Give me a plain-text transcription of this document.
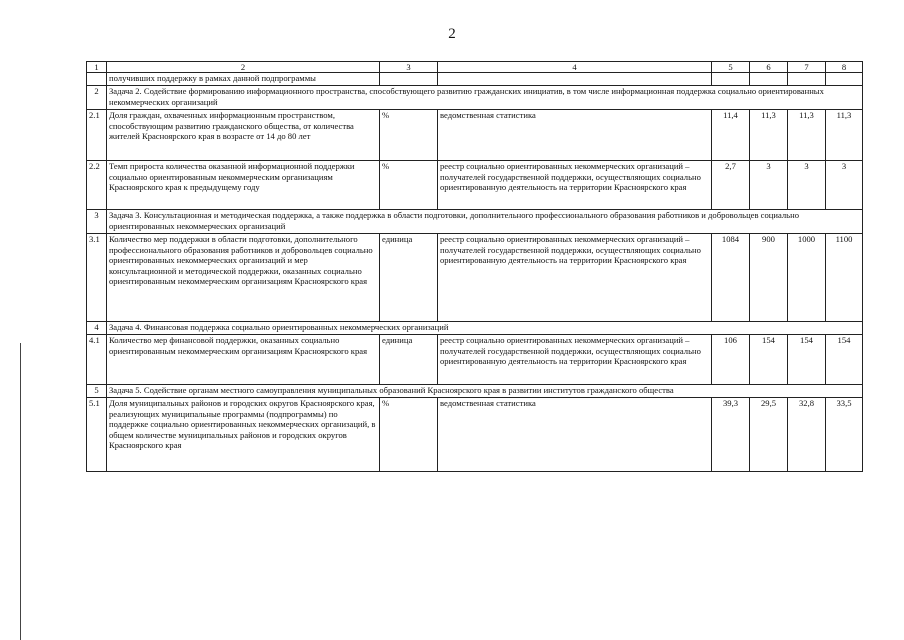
2
1	2	3	4	5	6	7	8
	получивших поддержку в рамках данной подпрограммы						
2	Задача 2. Содействие формированию информационного пространства, способствующего развитию гражданских инициатив, в том числе информационная поддержка социально ориентированных некоммерческих организаций						
2.1	Доля граждан, охваченных информационным пространством, способствующим развитию гражданского общества, от количества жителей Красноярского края в возрасте от 14 до 80 лет	%	ведомственная статистика	11,4	11,3	11,3	11,3
2.2	Темп прироста количества оказанной информационной поддержки социально ориентированным некоммерческим организациям Красноярского края к предыдущему году	%	реестр социально ориентированных некоммерческих организаций – получателей государственной поддержки, осуществляющих социально ориентированную деятельность на территории Красноярского края	2,7	3	3	3
3	Задача 3. Консультационная и методическая поддержка, а также поддержка в области подготовки, дополнительного профессионального образования работников и добровольцев социально ориентированных некоммерческих организаций						
3.1	Количество мер поддержки в области подготовки, дополнительного профессионального образования работников и добровольцев социально ориентированных некоммерческих организаций и мер консультационной и методической поддержки, оказанных социально ориентированным некоммерческим организациям Красноярского края	единица	реестр социально ориентированных некоммерческих организаций – получателей государственной поддержки, осуществляющих социально ориентированную деятельность на территории Красноярского края	1084	900	1000	1100
4	Задача 4. Финансовая поддержка социально ориентированных некоммерческих организаций						
4.1	Количество мер финансовой поддержки, оказанных социально ориентированным некоммерческим организациям Красноярского края	единица	реестр социально ориентированных некоммерческих организаций – получателей государственной поддержки, осуществляющих социально ориентированную деятельность на территории Красноярского края	106	154	154	154
5	Задача 5. Содействие органам местного самоуправления муниципальных образований Красноярского края в развитии институтов гражданского общества						
5.1	Доля муниципальных районов и городских округов Красноярского края, реализующих муниципальные программы (подпрограммы) по поддержке социально ориентированных некоммерческих организаций, в общем количестве муниципальных районов и городских округов Красноярского края	%	ведомственная статистика	39,3	29,5	32,8	33,5
